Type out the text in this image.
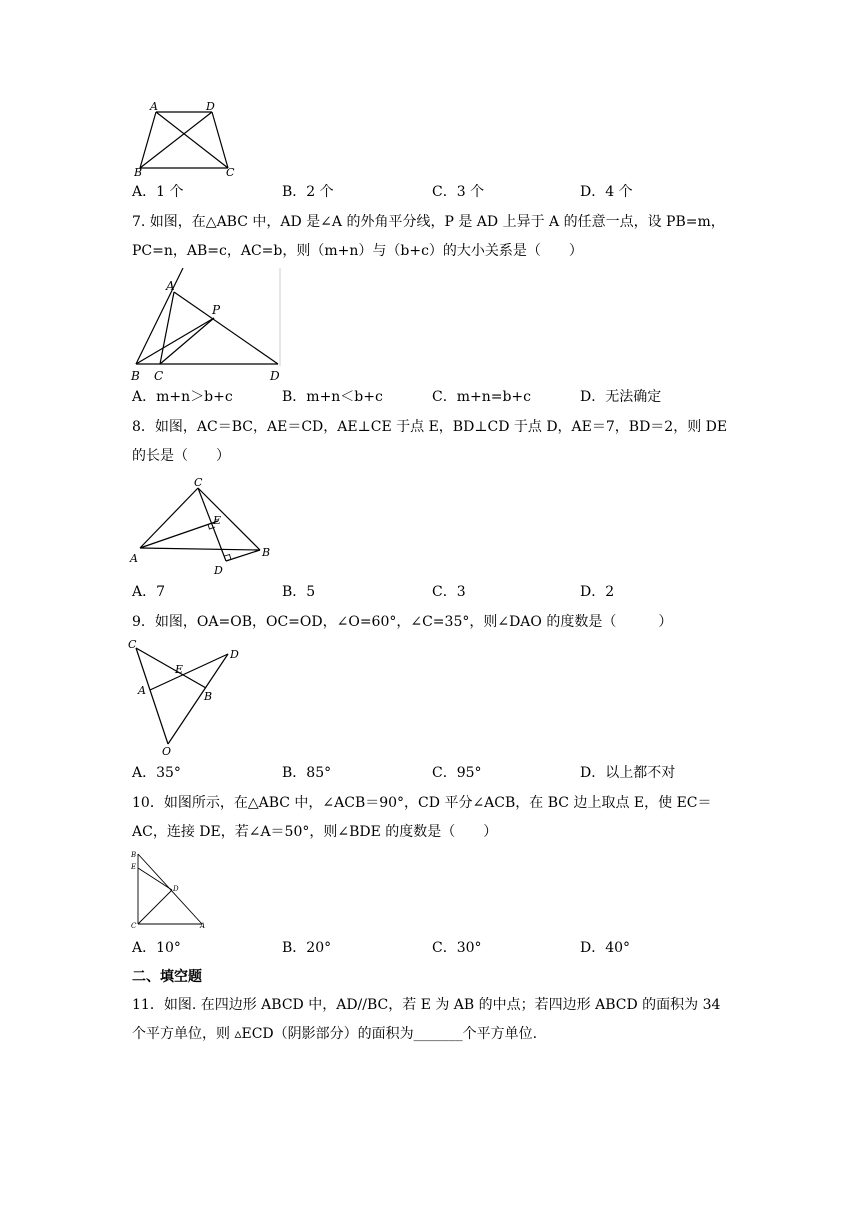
A	D
B	C
A．1 个	B．2 个	C．3 个	D．4 个
7. 如图，在△ABC 中，AD 是∠A 的外角平分线，P 是 AD 上异于 A 的任意一点，设 PB=m，
PC=n，AB=c，AC=b，则（m+n）与（b+c）的大小关系是（　　）
A
P
B C	D
A．m+n＞b+c	B．m+n＜b+c	C．m+n=b+c	D．无法确定
8．如图，AC＝BC，AE＝CD，AE⊥CE 于点 E，BD⊥CD 于点 D，AE＝7，BD＝2，则 DE
的长是（　　）
C
E
A	B
D
A．7	B．5	C．3	D．2
9．如图，OA=OB，OC=OD，∠O=60°，∠C=35°，则∠DAO 的度数是（　　　）
C
D
E
A	B
O
A．35°	B．85°	C．95°	D．以上都不对
10．如图所示，在△ABC 中，∠ACB＝90°，CD 平分∠ACB，在 BC 边上取点 E，使 EC＝
AC，连接 DE，若∠A＝50°，则∠BDE 的度数是（　　）
B
E
D
C	A
A．10°	B．20°	C．30°	D．40°
二、填空题
11．如图. 在四边形 ABCD 中，AD//BC，若 E 为 AB 的中点；若四边形 ABCD 的面积为 34
个平方单位，则 ▵ECD（阴影部分）的面积为_______个平方单位.
